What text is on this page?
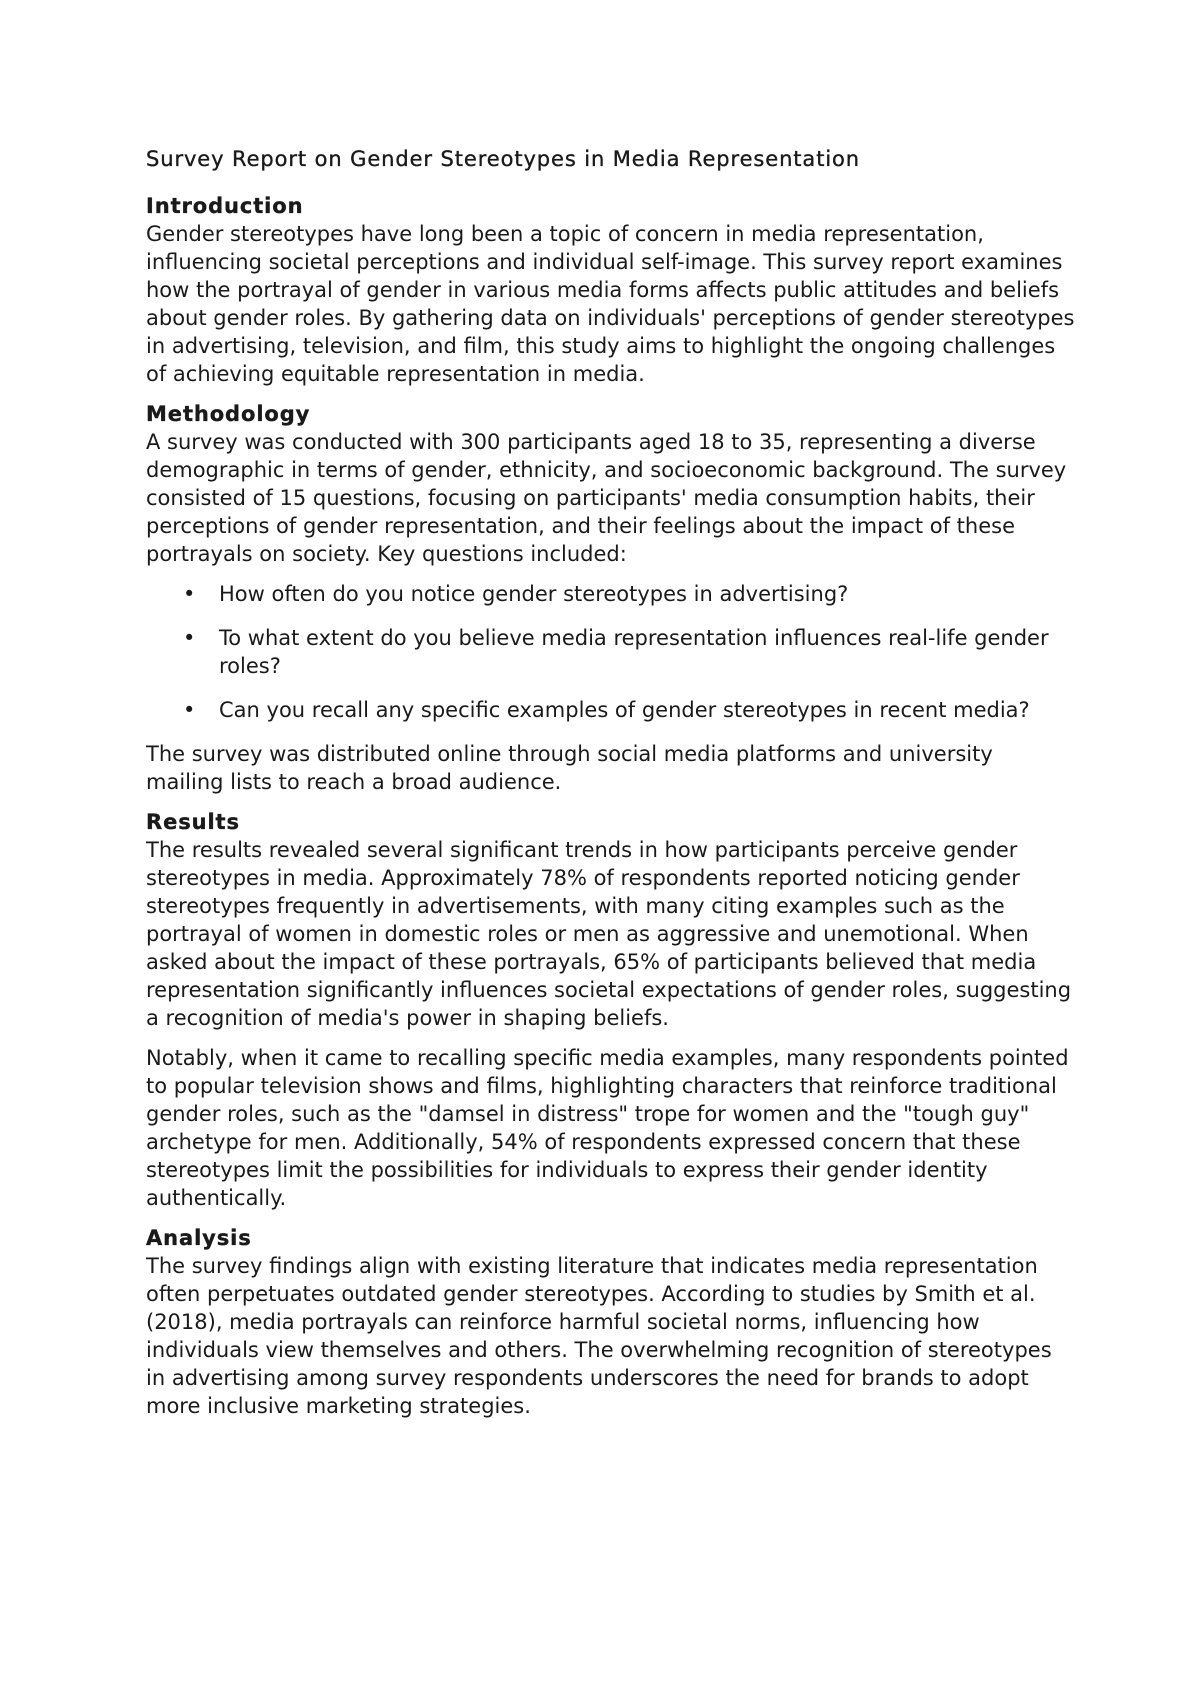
Survey Report on Gender Stereotypes in Media Representation
Introduction

Gender stereotypes have long been a topic of concern in media representation, influencing societal perceptions and individual self-image. This survey report examines how the portrayal of gender in various media forms affects public attitudes and beliefs about gender roles. By gathering data on individuals' perceptions of gender stereotypes in advertising, television, and film, this study aims to highlight the ongoing challenges of achieving equitable representation in media.

Methodology

A survey was conducted with 300 participants aged 18 to 35, representing a diverse demographic in terms of gender, ethnicity, and socioeconomic background. The survey consisted of 15 questions, focusing on participants' media consumption habits, their perceptions of gender representation, and their feelings about the impact of these portrayals on society. Key questions included:

• How often do you notice gender stereotypes in advertising?
• To what extent do you believe media representation influences real-life gender roles?
• Can you recall any specific examples of gender stereotypes in recent media?

The survey was distributed online through social media platforms and university mailing lists to reach a broad audience.

Results

The results revealed several significant trends in how participants perceive gender stereotypes in media. Approximately 78% of respondents reported noticing gender stereotypes frequently in advertisements, with many citing examples such as the portrayal of women in domestic roles or men as aggressive and unemotional. When asked about the impact of these portrayals, 65% of participants believed that media representation significantly influences societal expectations of gender roles, suggesting a recognition of media's power in shaping beliefs.

Notably, when it came to recalling specific media examples, many respondents pointed to popular television shows and films, highlighting characters that reinforce traditional gender roles, such as the "damsel in distress" trope for women and the "tough guy" archetype for men. Additionally, 54% of respondents expressed concern that these stereotypes limit the possibilities for individuals to express their gender identity authentically.

Analysis

The survey findings align with existing literature that indicates media representation often perpetuates outdated gender stereotypes. According to studies by Smith et al. (2018), media portrayals can reinforce harmful societal norms, influencing how individuals view themselves and others. The overwhelming recognition of stereotypes in advertising among survey respondents underscores the need for brands to adopt more inclusive marketing strategies.
